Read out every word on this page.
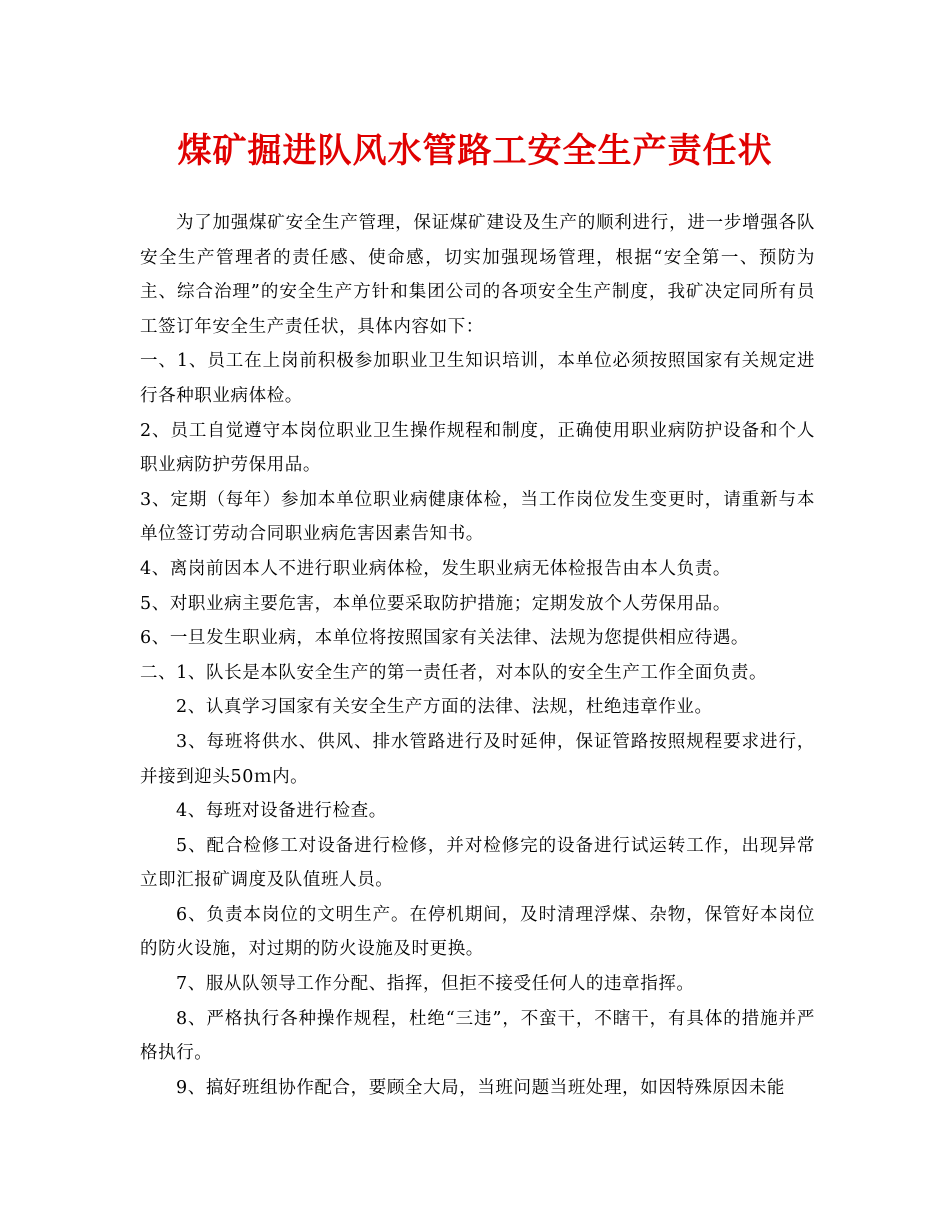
煤矿掘进队风水管路工安全生产责任状

为了加强煤矿安全生产管理，保证煤矿建设及生产的顺利进行，进一步增强各队安全生产管理者的责任感、使命感，切实加强现场管理，根据“安全第一、预防为主、综合治理”的安全生产方针和集团公司的各项安全生产制度，我矿决定同所有员工签订年安全生产责任状，具体内容如下：

一、1、员工在上岗前积极参加职业卫生知识培训，本单位必须按照国家有关规定进行各种职业病体检。

2、员工自觉遵守本岗位职业卫生操作规程和制度，正确使用职业病防护设备和个人职业病防护劳保用品。

3、定期（每年）参加本单位职业病健康体检，当工作岗位发生变更时，请重新与本单位签订劳动合同职业病危害因素告知书。

4、离岗前因本人不进行职业病体检，发生职业病无体检报告由本人负责。

5、对职业病主要危害，本单位要采取防护措施；定期发放个人劳保用品。

6、一旦发生职业病，本单位将按照国家有关法律、法规为您提供相应待遇。

二、1、队长是本队安全生产的第一责任者，对本队的安全生产工作全面负责。

2、认真学习国家有关安全生产方面的法律、法规，杜绝违章作业。

3、每班将供水、供风、排水管路进行及时延伸，保证管路按照规程要求进行，并接到迎头50ｍ内。

4、每班对设备进行检查。

5、配合检修工对设备进行检修，并对检修完的设备进行试运转工作，出现异常立即汇报矿调度及队值班人员。

6、负责本岗位的文明生产。在停机期间，及时清理浮煤、杂物，保管好本岗位的防火设施，对过期的防火设施及时更换。

7、服从队领导工作分配、指挥，但拒不接受任何人的违章指挥。

8、严格执行各种操作规程，杜绝“三违”，不蛮干，不瞎干，有具体的措施并严格执行。

9、搞好班组协作配合，要顾全大局，当班问题当班处理，如因特殊原因未能
